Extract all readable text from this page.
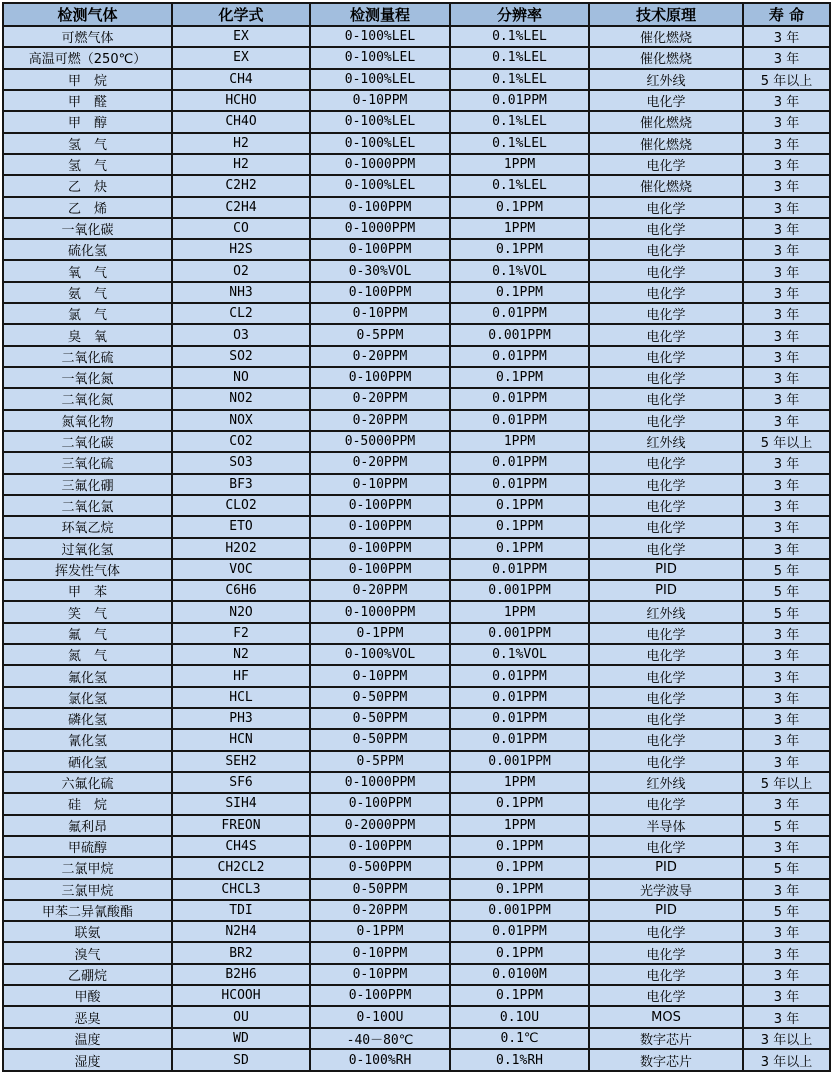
检测气体	化学式	检测量程	分辨率	技术原理	寿 命
可燃气体	EX	0-100%LEL	0.1%LEL	催化燃烧	3 年
高温可燃（250℃）	EX	0-100%LEL	0.1%LEL	催化燃烧	3 年
甲　烷	CH4	0-100%LEL	0.1%LEL	红外线	5 年以上
甲　醛	HCHO	0-10PPM	0.01PPM	电化学	3 年
甲　醇	CH4O	0-100%LEL	0.1%LEL	催化燃烧	3 年
氢　气	H2	0-100%LEL	0.1%LEL	催化燃烧	3 年
氢　气	H2	0-1000PPM	1PPM	电化学	3 年
乙　炔	C2H2	0-100%LEL	0.1%LEL	催化燃烧	3 年
乙　烯	C2H4	0-100PPM	0.1PPM	电化学	3 年
一氧化碳	CO	0-1000PPM	1PPM	电化学	3 年
硫化氢	H2S	0-100PPM	0.1PPM	电化学	3 年
氧　气	O2	0-30%VOL	0.1%VOL	电化学	3 年
氨　气	NH3	0-100PPM	0.1PPM	电化学	3 年
氯　气	CL2	0-10PPM	0.01PPM	电化学	3 年
臭　氧	O3	0-5PPM	0.001PPM	电化学	3 年
二氧化硫	SO2	0-20PPM	0.01PPM	电化学	3 年
一氧化氮	NO	0-100PPM	0.1PPM	电化学	3 年
二氧化氮	NO2	0-20PPM	0.01PPM	电化学	3 年
氮氧化物	NOX	0-20PPM	0.01PPM	电化学	3 年
二氧化碳	CO2	0-5000PPM	1PPM	红外线	5 年以上
三氧化硫	SO3	0-20PPM	0.01PPM	电化学	3 年
三氟化硼	BF3	0-10PPM	0.01PPM	电化学	3 年
二氧化氯	CLO2	0-100PPM	0.1PPM	电化学	3 年
环氧乙烷	ETO	0-100PPM	0.1PPM	电化学	3 年
过氧化氢	H2O2	0-100PPM	0.1PPM	电化学	3 年
挥发性气体	VOC	0-100PPM	0.01PPM	PID	5 年
甲　苯	C6H6	0-20PPM	0.001PPM	PID	5 年
笑　气	N2O	0-1000PPM	1PPM	红外线	5 年
氟　气	F2	0-1PPM	0.001PPM	电化学	3 年
氮　气	N2	0-100%VOL	0.1%VOL	电化学	3 年
氟化氢	HF	0-10PPM	0.01PPM	电化学	3 年
氯化氢	HCL	0-50PPM	0.01PPM	电化学	3 年
磷化氢	PH3	0-50PPM	0.01PPM	电化学	3 年
氰化氢	HCN	0-50PPM	0.01PPM	电化学	3 年
硒化氢	SEH2	0-5PPM	0.001PPM	电化学	3 年
六氟化硫	SF6	0-1000PPM	1PPM	红外线	5 年以上
硅　烷	SIH4	0-100PPM	0.1PPM	电化学	3 年
氟利昂	FREON	0-2000PPM	1PPM	半导体	5 年
甲硫醇	CH4S	0-100PPM	0.1PPM	电化学	3 年
二氯甲烷	CH2CL2	0-500PPM	0.1PPM	PID	5 年
三氯甲烷	CHCL3	0-50PPM	0.1PPM	光学波导	3 年
甲苯二异氰酸酯	TDI	0-20PPM	0.001PPM	PID	5 年
联氨	N2H4	0-1PPM	0.01PPM	电化学	3 年
溴气	BR2	0-10PPM	0.1PPM	电化学	3 年
乙硼烷	B2H6	0-10PPM	0.0100M	电化学	3 年
甲酸	HCOOH	0-100PPM	0.1PPM	电化学	3 年
恶臭	OU	0-10OU	0.1OU	MOS	3 年
温度	WD	-40－80℃	0.1℃	数字芯片	3 年以上
湿度	SD	0-100%RH	0.1%RH	数字芯片	3 年以上
